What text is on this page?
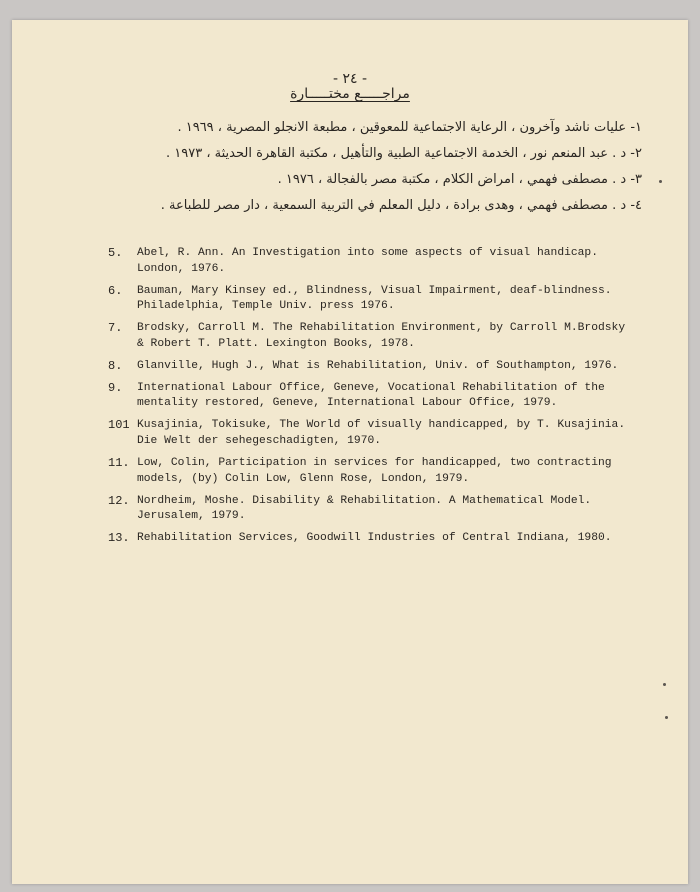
- ٢٤ -
مراجـــــع مختـــــارة
١- عليات ناشد وآخرون ، الرعاية الاجتماعية للمعوقين ، مطبعة الانجلو المصرية ، ١٩٦٩ .
٢- د . عبد المنعم نور ، الخدمة الاجتماعية الطبية والتأهيل ، مكتبة القاهرة الحديثة ، ١٩٧٣ .
٣- د . مصطفى فهمي ، امراض الكلام ، مكتبة مصر بالفجالة ، ١٩٧٦ .
٤- د . مصطفى فهمي ، وهدى برادة ، دليل المعلم في التربية السمعية ، دار مصر للطباعة .
5. Abel, R. Ann. An Investigation into some aspects of visual handicap.
London, 1976.
6. Bauman, Mary Kinsey ed., Blindness, Visual Impairment, deaf-blindness.
Philadelphia, Temple Univ. press 1976.
7. Brodsky, Carroll M. The Rehabilitation Environment, by Carroll M.Brodsky
& Robert T. Platt. Lexington Books, 1978.
8. Glanville, Hugh J., What is Rehabilitation, Univ. of Southampton, 1976.
9. International Labour Office, Geneve, Vocational Rehabilitation of the
mentality restored, Geneve, International Labour Office, 1979.
101 Kusajinia, Tokisuke, The World of visually handicapped, by T. Kusajinia.
Die Welt der sehegeschadigten, 1970.
11. Low, Colin, Participation in services for handicapped, two contracting
models, (by) Colin Low, Glenn Rose, London, 1979.
12. Nordheim, Moshe. Disability & Rehabilitation. A Mathematical Model.
Jerusalem, 1979.
13. Rehabilitation Services, Goodwill Industries of Central Indiana, 1980.
